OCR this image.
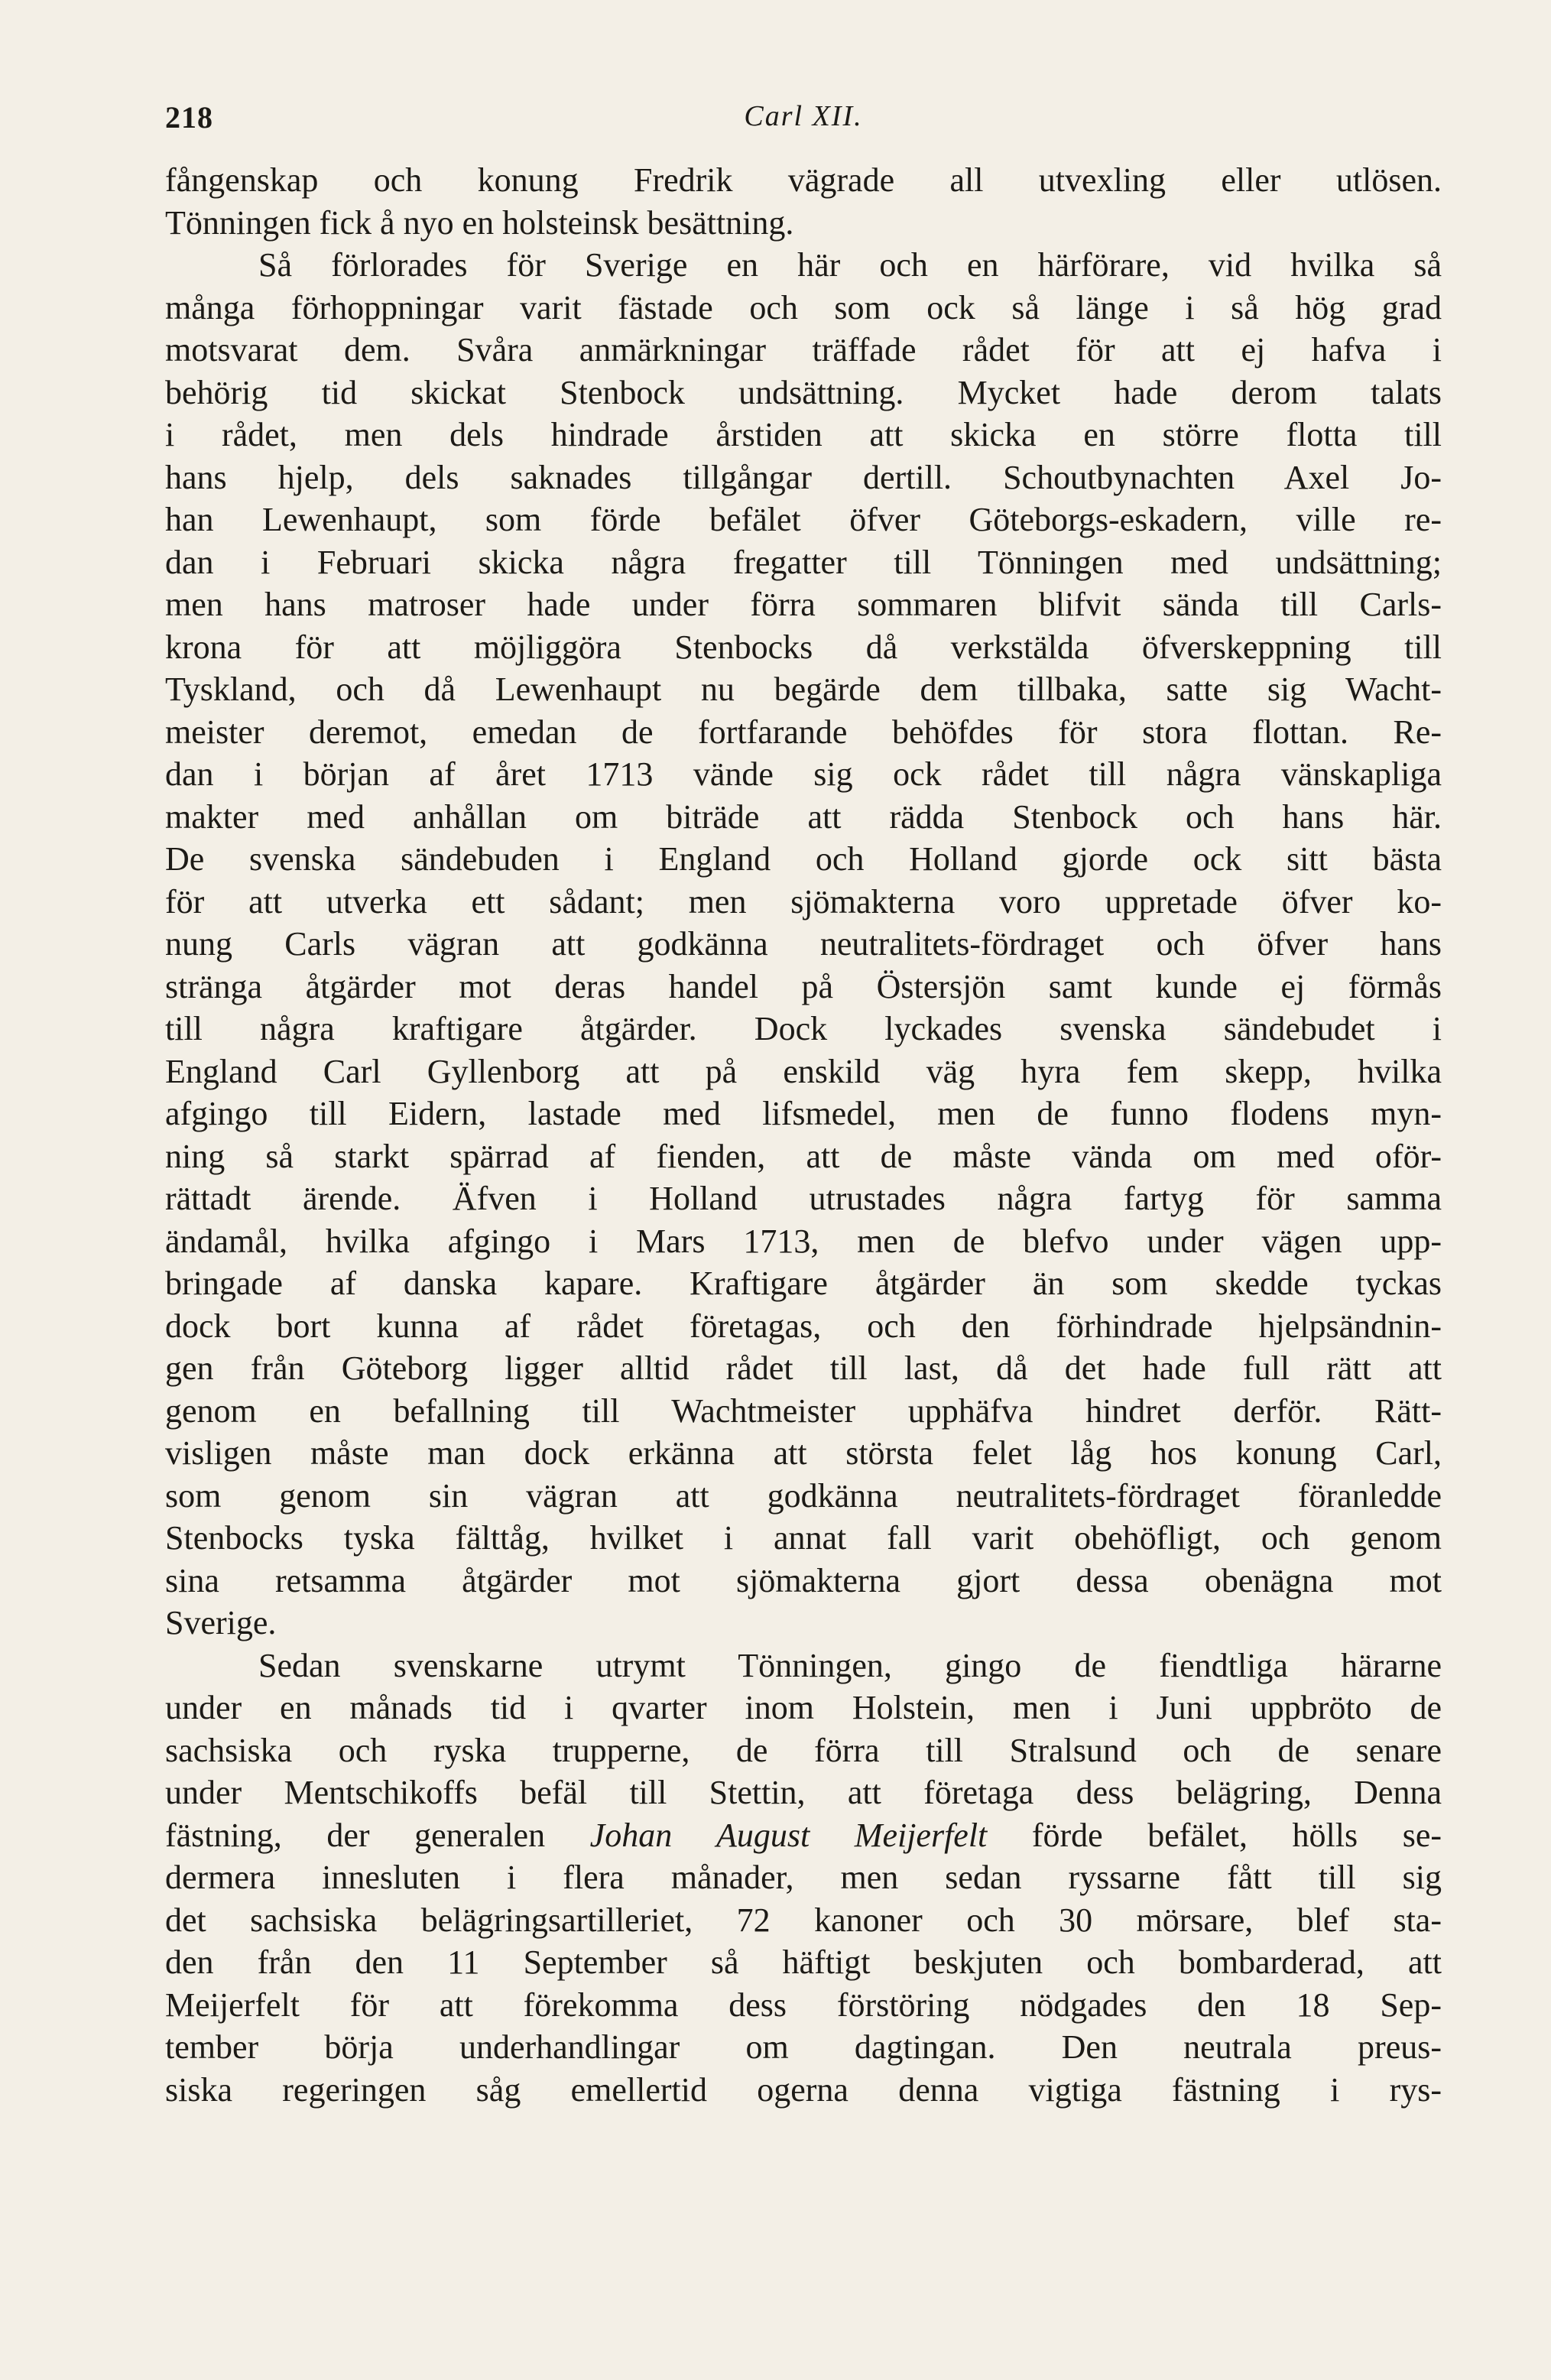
218	Carl XII.
fångenskap och konung Fredrik vägrade all utvexling eller utlösen.
Tönningen fick å nyo en holsteinsk besättning.
Så förlorades för Sverige en här och en härförare, vid hvilka så
många förhoppningar varit fästade och som ock så länge i så hög grad
motsvarat dem. Svåra anmärkningar träffade rådet för att ej hafva i
behörig tid skickat Stenbock undsättning. Mycket hade derom talats
i rådet, men dels hindrade årstiden att skicka en större flotta till
hans hjelp, dels saknades tillgångar dertill. Schoutbynachten Axel Jo-
han Lewenhaupt, som förde befälet öfver Göteborgs-eskadern, ville re-
dan i Februari skicka några fregatter till Tönningen med undsättning;
men hans matroser hade under förra sommaren blifvit sända till Carls-
krona för att möjliggöra Stenbocks då verkstälda öfverskeppning till
Tyskland, och då Lewenhaupt nu begärde dem tillbaka, satte sig Wacht-
meister deremot, emedan de fortfarande behöfdes för stora flottan. Re-
dan i början af året 1713 vände sig ock rådet till några vänskapliga
makter med anhållan om biträde att rädda Stenbock och hans här.
De svenska sändebuden i England och Holland gjorde ock sitt bästa
för att utverka ett sådant; men sjömakterna voro uppretade öfver ko-
nung Carls vägran att godkänna neutralitets-fördraget och öfver hans
stränga åtgärder mot deras handel på Östersjön samt kunde ej förmås
till några kraftigare åtgärder. Dock lyckades svenska sändebudet i
England Carl Gyllenborg att på enskild väg hyra fem skepp, hvilka
afgingo till Eidern, lastade med lifsmedel, men de funno flodens myn-
ning så starkt spärrad af fienden, att de måste vända om med oför-
rättadt ärende. Äfven i Holland utrustades några fartyg för samma
ändamål, hvilka afgingo i Mars 1713, men de blefvo under vägen upp-
bringade af danska kapare. Kraftigare åtgärder än som skedde tyckas
dock bort kunna af rådet företagas, och den förhindrade hjelpsändnin-
gen från Göteborg ligger alltid rådet till last, då det hade full rätt att
genom en befallning till Wachtmeister upphäfva hindret derför. Rätt-
visligen måste man dock erkänna att största felet låg hos konung Carl,
som genom sin vägran att godkänna neutralitets-fördraget föranledde
Stenbocks tyska fälttåg, hvilket i annat fall varit obehöfligt, och genom
sina retsamma åtgärder mot sjömakterna gjort dessa obenägna mot
Sverige.
Sedan svenskarne utrymt Tönningen, gingo de fiendtliga härarne
under en månads tid i qvarter inom Holstein, men i Juni uppbröto de
sachsiska och ryska trupperne, de förra till Stralsund och de senare
under Mentschikoffs befäl till Stettin, att företaga dess belägring, Denna
fästning, der generalen Johan August Meijerfelt förde befälet, hölls se-
dermera innesluten i flera månader, men sedan ryssarne fått till sig
det sachsiska belägringsartilleriet, 72 kanoner och 30 mörsare, blef sta-
den från den 11 September så häftigt beskjuten och bombarderad, att
Meijerfelt för att förekomma dess förstöring nödgades den 18 Sep-
tember börja underhandlingar om dagtingan. Den neutrala preus-
siska regeringen såg emellertid ogerna denna vigtiga fästning i rys-
